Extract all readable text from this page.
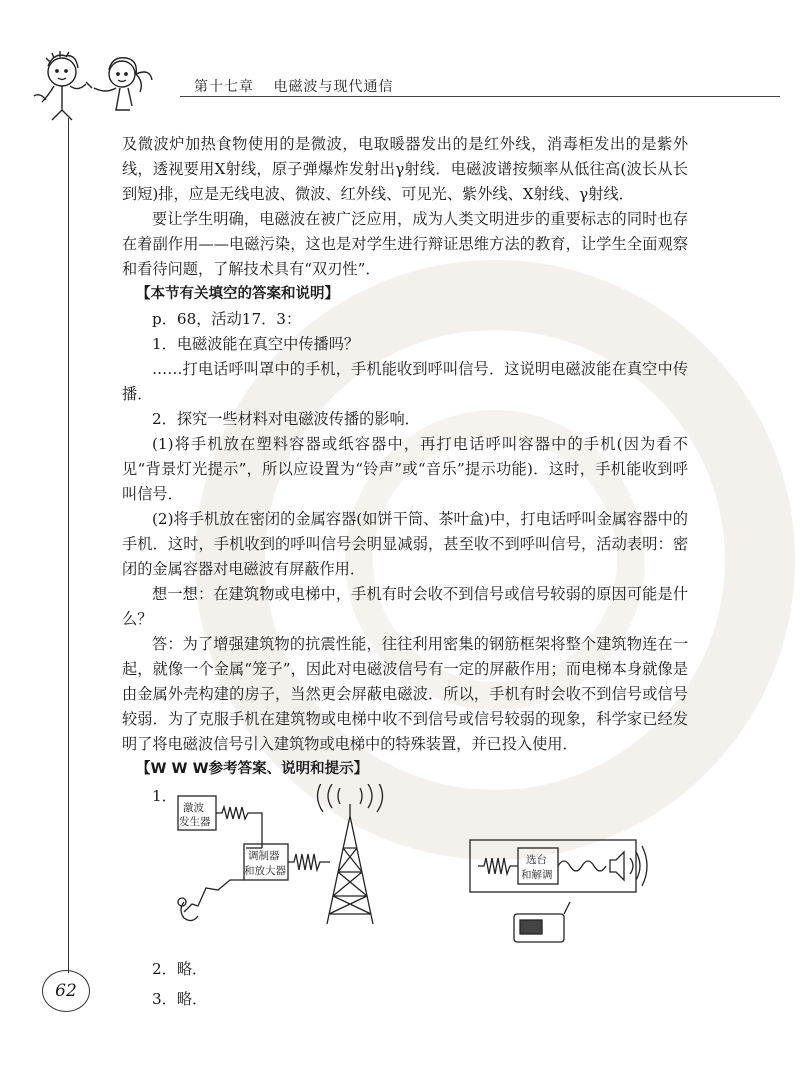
第十七章 电磁波与现代通信
62

及微波炉加热食物使用的是微波，电取暖器发出的是红外线，消毒柜发出的是紫外线，透视要用X射线，原子弹爆炸发射出γ射线．电磁波谱按频率从低往高(波长从长到短)排，应是无线电波、微波、红外线、可见光、紫外线、X射线、γ射线．

要让学生明确，电磁波在被广泛应用，成为人类文明进步的重要标志的同时也存在着副作用——电磁污染，这也是对学生进行辩证思维方法的教育，让学生全面观察和看待问题，了解技术具有“双刃性”．

【本节有关填空的答案和说明】

p．68，活动17．3：

1．电磁波能在真空中传播吗？

……打电话呼叫罩中的手机，手机能收到呼叫信号．这说明电磁波能在真空中传播．

2．探究一些材料对电磁波传播的影响．

(1)将手机放在塑料容器或纸容器中，再打电话呼叫容器中的手机(因为看不见“背景灯光提示”，所以应设置为“铃声”或“音乐”提示功能)．这时，手机能收到呼叫信号．

(2)将手机放在密闭的金属容器(如饼干筒、茶叶盒)中，打电话呼叫金属容器中的手机．这时，手机收到的呼叫信号会明显减弱，甚至收不到呼叫信号，活动表明：密闭的金属容器对电磁波有屏蔽作用．

想一想：在建筑物或电梯中，手机有时会收不到信号或信号较弱的原因可能是什么？

答：为了增强建筑物的抗震性能，往往利用密集的钢筋框架将整个建筑物连在一起，就像一个金属“笼子”，因此对电磁波信号有一定的屏蔽作用；而电梯本身就像是由金属外壳构建的房子，当然更会屏蔽电磁波．所以，手机有时会收不到信号或信号较弱．为了克服手机在建筑物或电梯中收不到信号或信号较弱的现象，科学家已经发明了将电磁波信号引入建筑物或电梯中的特殊装置，并已投入使用．

【W W W参考答案、说明和提示】

1．
激波
发生器
调制器
和放大器
选台
和解调

2．略．

3．略．
